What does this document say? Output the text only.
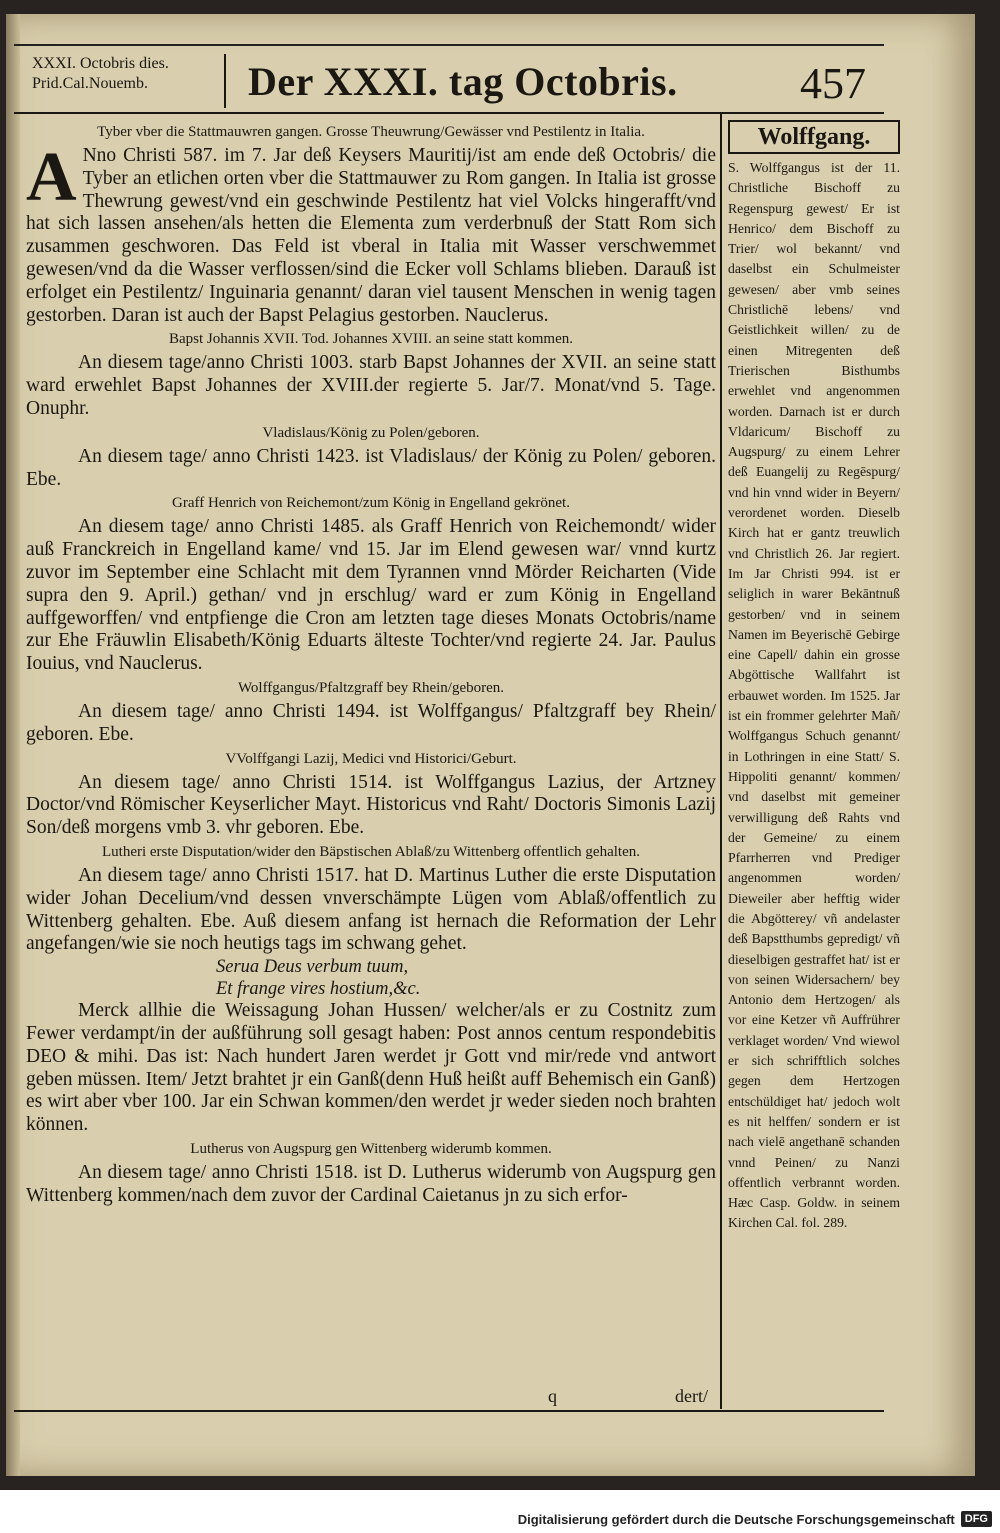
XXXI. Octobris dies.
Prid.Cal.Nouemb.	Der XXXI. tag Octobris.	457
Tyber vber die Stattmauwren gangen. Grosse Theuwrung/Gewässer vnd Pestilentz in Italia.

A Nno Christi 587. im 7. Jar deß Keysers Mauritij/ist am ende deß Octobris/ die Tyber an etlichen orten vber die Stattmauwer zu Rom gangen. In Italia ist grosse Thewrung gewest/vnd ein geschwinde Pestilentz hat viel Volcks hingerafft/vnd hat sich lassen ansehen/als hetten die Elementa zum verderbnuß der Statt Rom sich zusammen geschworen. Das Feld ist vberal in Italia mit Wasser verschwemmet gewesen/vnd da die Wasser verflossen/sind die Ecker voll Schlams blieben. Darauß ist erfolget ein Pestilentz/ Inguinaria genannt/ daran viel tausent Menschen in wenig tagen gestorben. Daran ist auch der Bapst Pelagius gestorben. Nauclerus.

Bapst Johannis XVII. Tod. Johannes XVIII. an seine statt kommen.

An diesem tage/anno Christi 1003. starb Bapst Johannes der XVII. an seine statt ward erwehlet Bapst Johannes der XVIII.der regierte 5. Jar/7. Monat/vnd 5. Tage. Onuphr.

Vladislaus/König zu Polen/geboren.

An diesem tage/ anno Christi 1423. ist Vladislaus/ der König zu Polen/ geboren. Ebe.

Graff Henrich von Reichemont/zum König in Engelland gekrönet.

An diesem tage/ anno Christi 1485. als Graff Henrich von Reichemondt/ wider auß Franckreich in Engelland kame/ vnd 15. Jar im Elend gewesen war/ vnnd kurtz zuvor im September eine Schlacht mit dem Tyrannen vnnd Mörder Reicharten (Vide supra den 9. April.) gethan/ vnd jn erschlug/ ward er zum König in Engelland auffgeworffen/ vnd entpfienge die Cron am letzten tage dieses Monats Octobris/name zur Ehe Fräuwlin Elisabeth/König Eduarts älteste Tochter/vnd regierte 24. Jar. Paulus Iouius, vnd Nauclerus.

Wolffgangus/Pfaltzgraff bey Rhein/geboren.

An diesem tage/ anno Christi 1494. ist Wolffgangus/ Pfaltzgraff bey Rhein/ geboren. Ebe.

VVolffgangi Lazij, Medici vnd Historici/Geburt.

An diesem tage/ anno Christi 1514. ist Wolffgangus Lazius, der Artzney Doctor/vnd Römischer Keyserlicher Mayt. Historicus vnd Raht/ Doctoris Simonis Lazij Son/deß morgens vmb 3. vhr geboren. Ebe.

Lutheri erste Disputation/wider den Bäpstischen Ablaß/zu Wittenberg offentlich gehalten.

An diesem tage/ anno Christi 1517. hat D. Martinus Luther die erste Disputation wider Johan Decelium/vnd dessen vnverschämpte Lügen vom Ablaß/offentlich zu Wittenberg gehalten. Ebe. Auß diesem anfang ist hernach die Reformation der Lehr angefangen/wie sie noch heutigs tags im schwang gehet.

Serua Deus verbum tuum,

Et frange vires hostium,&c.

Merck allhie die Weissagung Johan Hussen/ welcher/als er zu Costnitz zum Fewer verdampt/in der außführung soll gesagt haben: Post annos centum respondebitis DEO & mihi. Das ist: Nach hundert Jaren werdet jr Gott vnd mir/rede vnd antwort geben müssen. Item/ Jetzt brahtet jr ein Ganß(denn Huß heißt auff Behemisch ein Ganß) es wirt aber vber 100. Jar ein Schwan kommen/den werdet jr weder sieden noch brahten können.

Lutherus von Augspurg gen Wittenberg widerumb kommen.

An diesem tage/ anno Christi 1518. ist D. Lutherus widerumb von Augspurg gen Wittenberg kommen/nach dem zuvor der Cardinal Caietanus jn zu sich erfor-

Wolffgang.

S. Wolffgangus ist der 11. Christliche Bischoff zu Regenspurg gewest/ Er ist Henrico/ dem Bischoff zu Trier/ wol bekannt/ vnd daselbst ein Schulmeister gewesen/ aber vmb seines Christlichē lebens/ vnd Geistlichkeit willen/ zu de einen Mitregenten deß Trierischen Bisthumbs erwehlet vnd angenommen worden. Darnach ist er durch Vldaricum/ Bischoff zu Augspurg/ zu einem Lehrer deß Euangelij zu Regēspurg/ vnd hin vnnd wider in Beyern/ verordenet worden. Dieselb Kirch hat er gantz treuwlich vnd Christlich 26. Jar regiert. Im Jar Christi 994. ist er seliglich in warer Bekāntnuß gestorben/ vnd in seinem Namen im Beyerischē Gebirge eine Capell/ dahin ein grosse Abgöttische Wallfahrt ist erbauwet worden. Im 1525. Jar ist ein frommer gelehrter Mañ/ Wolffgangus Schuch genannt/ in Lothringen in eine Statt/ S. Hippoliti genannt/ kommen/ vnd daselbst mit gemeiner verwilligung deß Rahts vnd der Gemeine/ zu einem Pfarrherren vnd Prediger angenommen worden/ Dieweiler aber hefftig wider die Abgötterey/ vñ andelaster deß Bapstthumbs gepredigt/ vñ dieselbigen gestraffet hat/ ist er von seinen Widersachern/ bey Antonio dem Hertzogen/ als vor eine Ketzer vñ Auffrührer verklaget worden/ Vnd wiewol er sich schrifftlich solches gegen dem Hertzogen entschüldiget hat/ jedoch wolt es nit helffen/ sondern er ist nach vielē angethanē schanden vnnd Peinen/ zu Nanzi offentlich verbrannt worden. Hæc Casp. Goldw. in seinem Kirchen Cal. fol. 289.

q	dert/
Digitalisierung gefördert durch die Deutsche Forschungsgemeinschaft DFG
